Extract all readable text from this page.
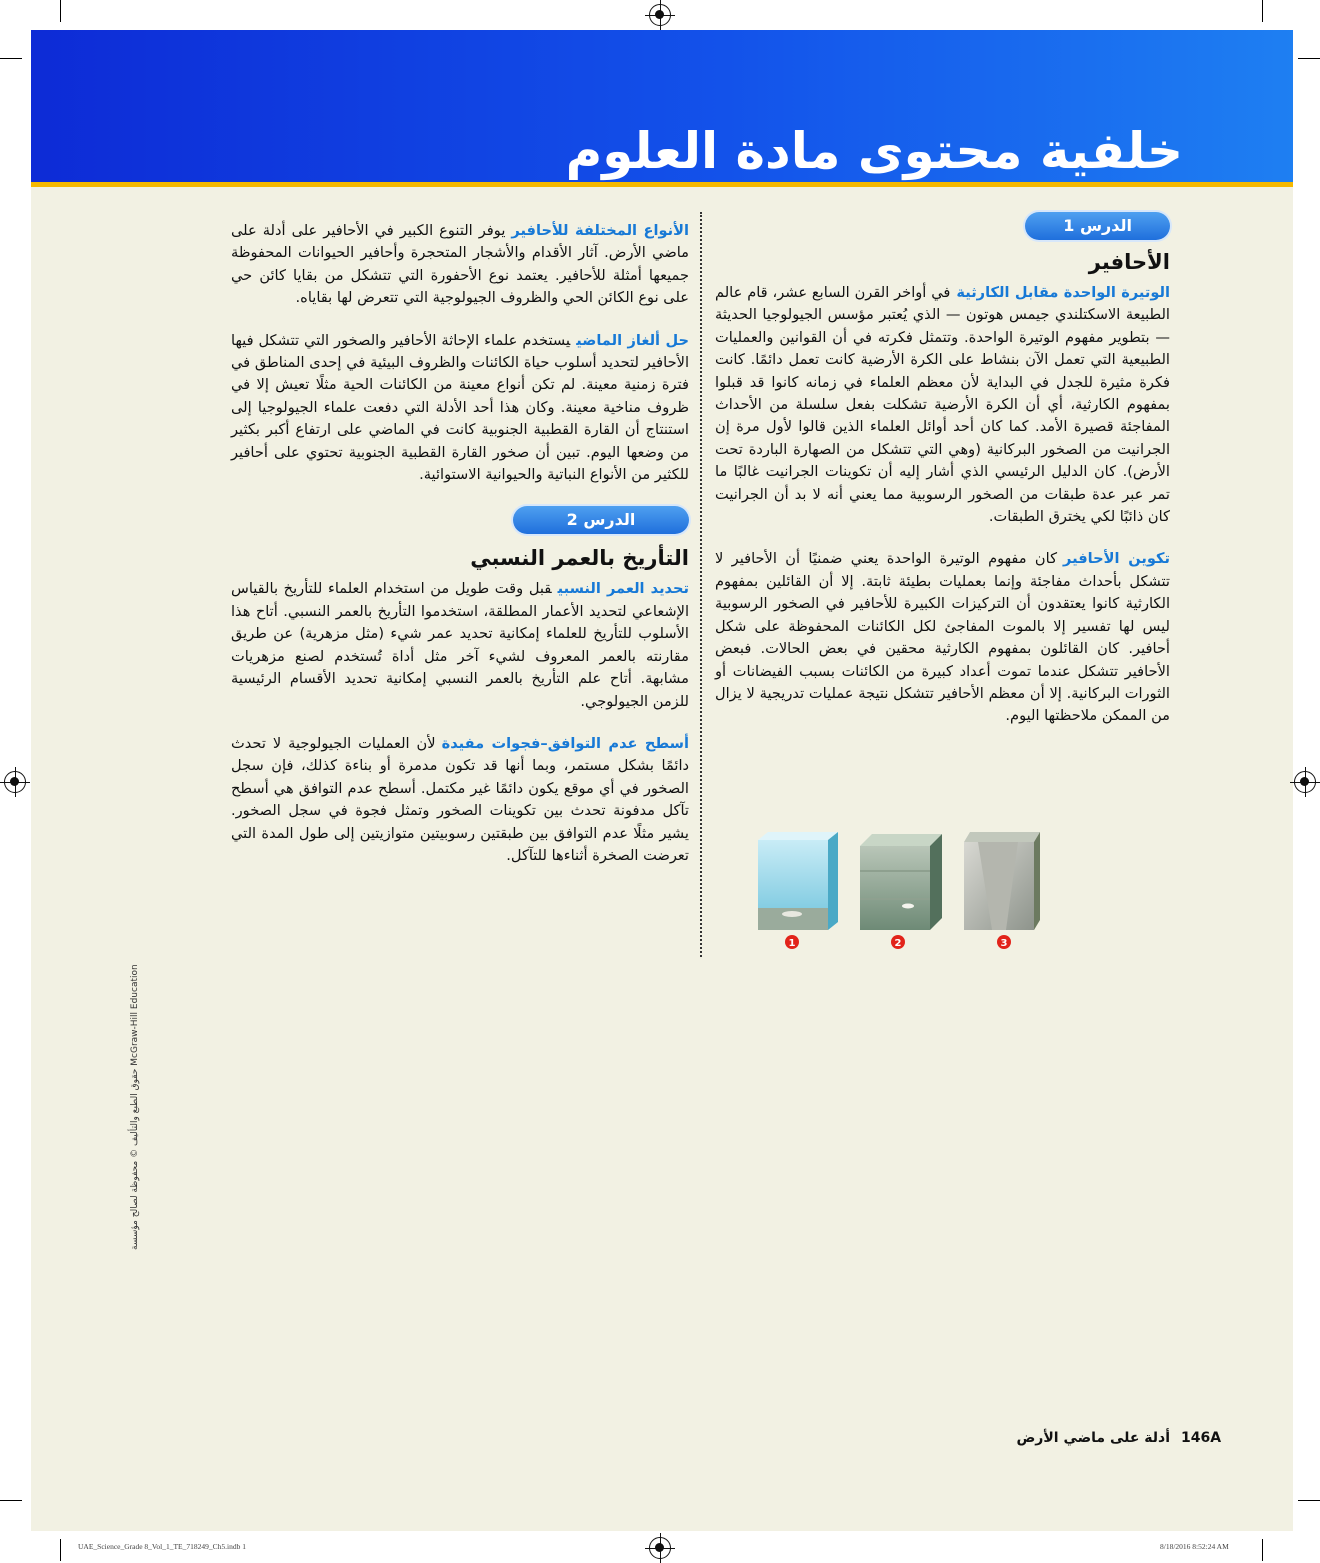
خلفية محتوى مادة العلوم
الدرس 1
الأحافير

الوتيرة الواحدة مقابل الكارثيةفي أواخر القرن السابع عشر، قام عالم الطبيعة الاسكتلندي جيمس هوتون — الذي يُعتبر مؤسس الجيولوجيا الحديثة — بتطوير مفهوم الوتيرة الواحدة. وتتمثل فكرته في أن القوانين والعمليات الطبيعية التي تعمل الآن بنشاط على الكرة الأرضية كانت تعمل دائمًا. كانت فكرة مثيرة للجدل في البداية لأن معظم العلماء في زمانه كانوا قد قبلوا بمفهوم الكارثية، أي أن الكرة الأرضية تشكلت بفعل سلسلة من الأحداث المفاجئة قصيرة الأمد. كما كان أحد أوائل العلماء الذين قالوا لأول مرة إن الجرانيت من الصخور البركانية (وهي التي تتشكل من الصهارة الباردة تحت الأرض). كان الدليل الرئيسي الذي أشار إليه أن تكوينات الجرانيت غالبًا ما تمر عبر عدة طبقات من الصخور الرسوبية مما يعني أنه لا بد أن الجرانيت كان ذائبًا لكي يخترق الطبقات.

تكوين الأحافيركان مفهوم الوتيرة الواحدة يعني ضمنيًا أن الأحافير لا تتشكل بأحداث مفاجئة وإنما بعمليات بطيئة ثابتة. إلا أن القائلين بمفهوم الكارثية كانوا يعتقدون أن التركيزات الكبيرة للأحافير في الصخور الرسوبية ليس لها تفسير إلا بالموت المفاجئ لكل الكائنات المحفوظة على شكل أحافير. كان القائلون بمفهوم الكارثية محقين في بعض الحالات. فبعض الأحافير تتشكل عندما تموت أعداد كبيرة من الكائنات بسبب الفيضانات أو الثورات البركانية. إلا أن معظم الأحافير تتشكل نتيجة عمليات تدريجية لا يزال من الممكن ملاحظتها اليوم.

1	2	3

الأنواع المختلفة للأحافيريوفر التنوع الكبير في الأحافير على أدلة على ماضي الأرض. آثار الأقدام والأشجار المتحجرة وأحافير الحيوانات المحفوظة جميعها أمثلة للأحافير. يعتمد نوع الأحفورة التي تتشكل من بقايا كائن حي على نوع الكائن الحي والظروف الجيولوجية التي تتعرض لها بقاياه.

حل ألغاز الماضييستخدم علماء الإحاثة الأحافير والصخور التي تتشكل فيها الأحافير لتحديد أسلوب حياة الكائنات والظروف البيئية في إحدى المناطق في فترة زمنية معينة. لم تكن أنواع معينة من الكائنات الحية مثلًا تعيش إلا في ظروف مناخية معينة. وكان هذا أحد الأدلة التي دفعت علماء الجيولوجيا إلى استنتاج أن القارة القطبية الجنوبية كانت في الماضي على ارتفاع أكبر بكثير من وضعها اليوم. تبين أن صخور القارة القطبية الجنوبية تحتوي على أحافير للكثير من الأنواع النباتية والحيوانية الاستوائية.

الدرس 2
التأريخ بالعمر النسبي

تحديد العمر النسبيقبل وقت طويل من استخدام العلماء للتأريخ بالقياس الإشعاعي لتحديد الأعمار المطلقة، استخدموا التأريخ بالعمر النسبي. أتاح هذا الأسلوب للتأريخ للعلماء إمكانية تحديد عمر شيء (مثل مزهرية) عن طريق مقارنته بالعمر المعروف لشيء آخر مثل أداة تُستخدم لصنع مزهريات مشابهة. أتاح علم التأريخ بالعمر النسبي إمكانية تحديد الأقسام الرئيسية للزمن الجيولوجي.

أسطح عدم التوافق–فجوات مفيدةلأن العمليات الجيولوجية لا تحدث دائمًا بشكل مستمر، وبما أنها قد تكون مدمرة أو بناءة كذلك، فإن سجل الصخور في أي موقع يكون دائمًا غير مكتمل. أسطح عدم التوافق هي أسطح تآكل مدفونة تحدث بين تكوينات الصخور وتمثل فجوة في سجل الصخور. يشير مثلًا عدم التوافق بين طبقتين رسوبيتين متوازيتين إلى طول المدة التي تعرضت الصخرة أثناءها للتآكل.

McGraw-Hill Education حقوق الطبع والتأليف © محفوظة لصالح مؤسسة
أدلة على ماضي الأرض 146A
UAE_Science_Grade 8_Vol_1_TE_718249_Ch5.indb 1	8/18/2016 8:52:24 AM
